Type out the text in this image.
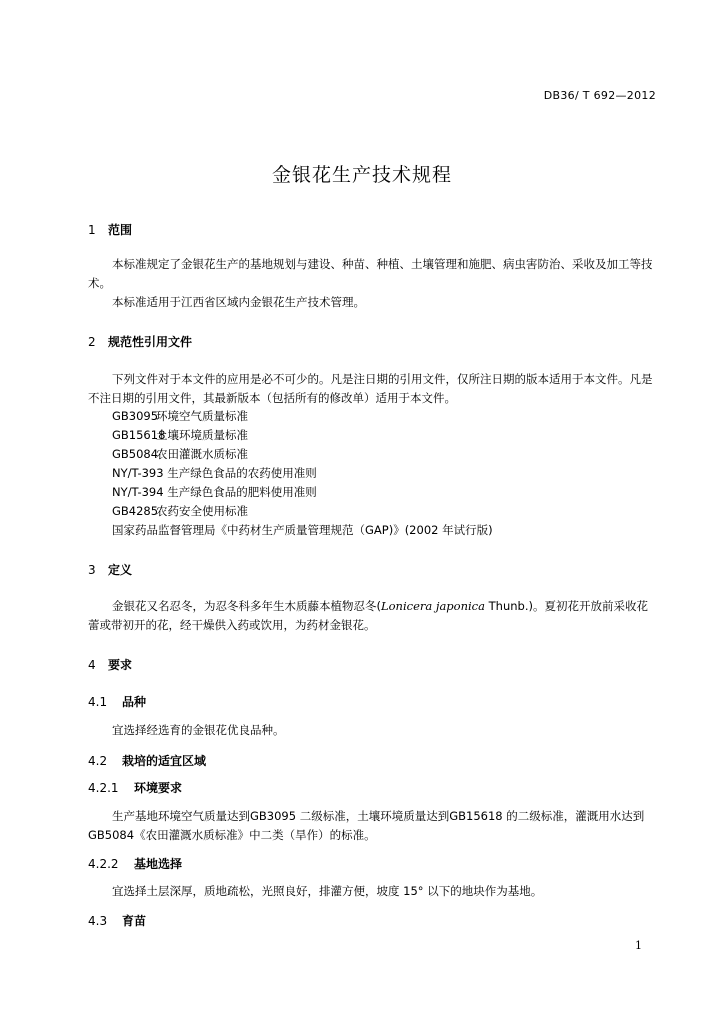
DB36/ T 692—2012
金银花生产技术规程
1 范围
本标准规定了金银花生产的基地规划与建设、种苗、种植、土壤管理和施肥、病虫害防治、采收及加工等技术。
本标准适用于江西省区域内金银花生产技术管理。
2 规范性引用文件
下列文件对于本文件的应用是必不可少的。凡是注日期的引用文件，仅所注日期的版本适用于本文件。凡是不注日期的引用文件，其最新版本（包括所有的修改单）适用于本文件。
GB3095环境空气质量标准
GB15618土壤环境质量标准
GB5084农田灌溉水质标准
NY/T-393 生产绿色食品的农药使用准则
NY/T-394 生产绿色食品的肥料使用准则
GB4285农药安全使用标准
国家药品监督管理局《中药材生产质量管理规范（GAP)》(2002 年试行版)
3 定义
金银花又名忍冬，为忍冬科多年生木质藤本植物忍冬(Lonicera japonica Thunb.)。夏初花开放前采收花蕾或带初开的花，经干燥供入药或饮用，为药材金银花。
4 要求
4.1 品种
宜选择经选育的金银花优良品种。
4.2 栽培的适宜区域
4.2.1 环境要求
生产基地环境空气质量达到GB3095 二级标准，土壤环境质量达到GB15618 的二级标准，灌溉用水达到GB5084《农田灌溉水质标准》中二类（旱作）的标准。
4.2.2 基地选择
宜选择土层深厚，质地疏松，光照良好，排灌方便，坡度 15° 以下的地块作为基地。
4.3 育苗
1
